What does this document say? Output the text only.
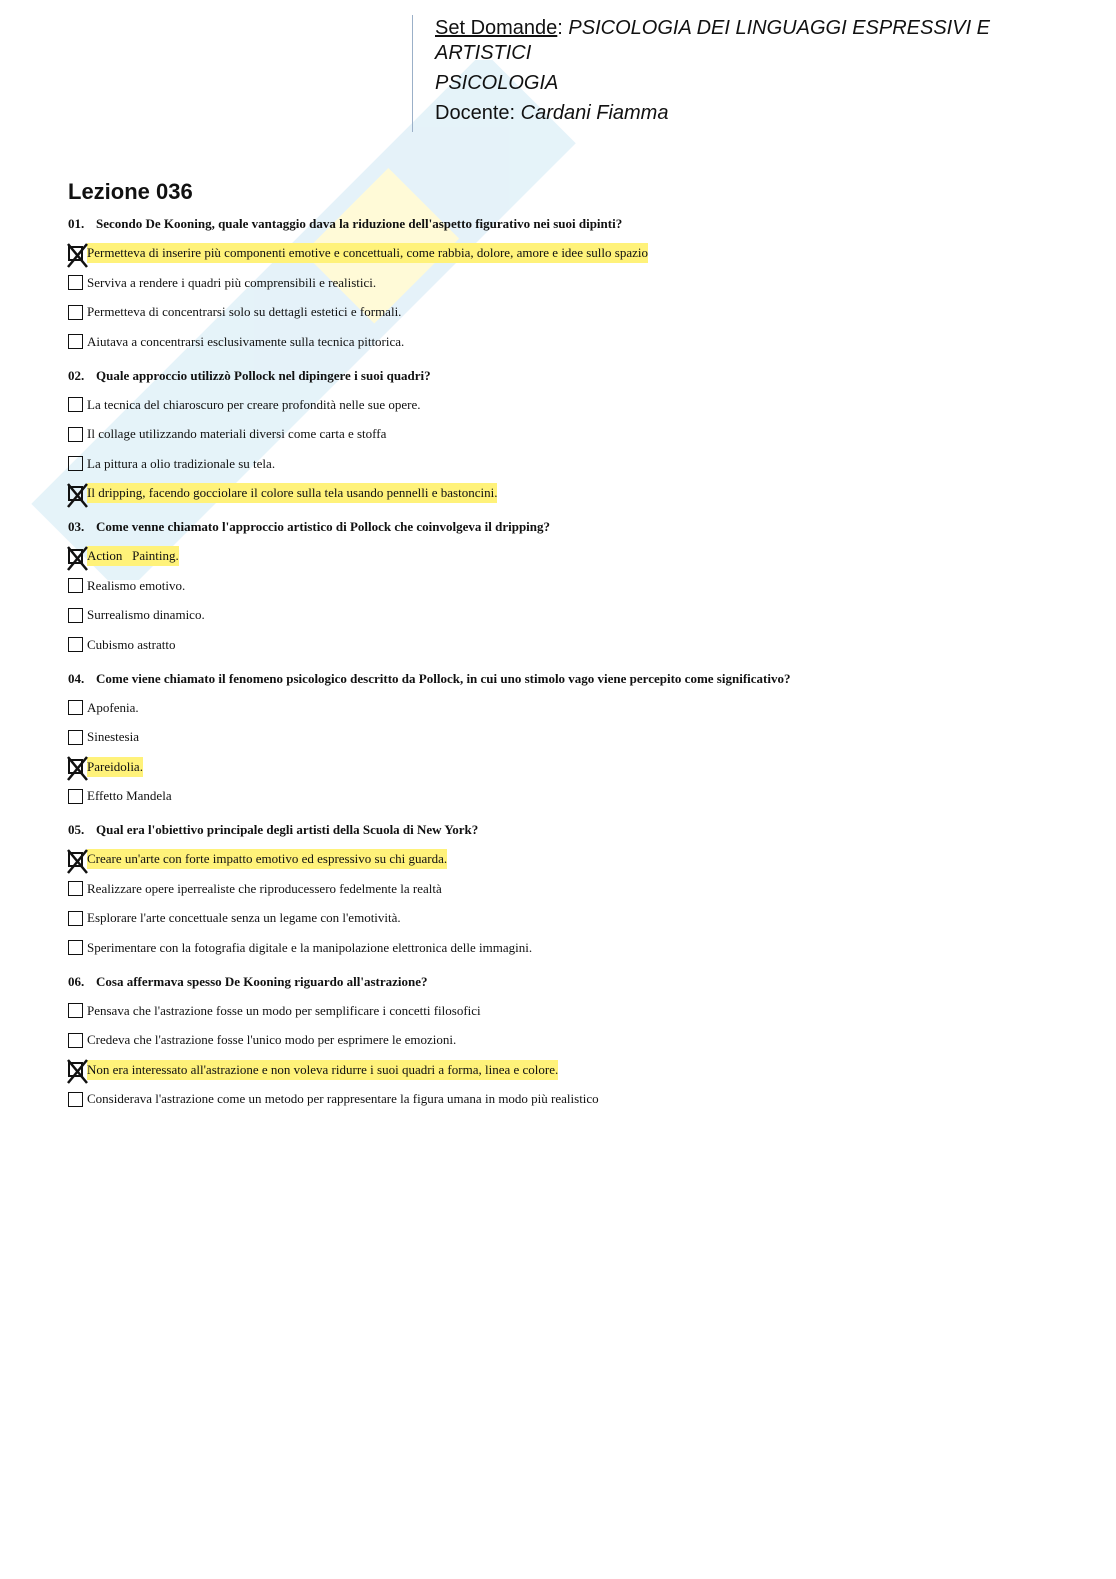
Set Domande: PSICOLOGIA DEI LINGUAGGI ESPRESSIVI E ARTISTICI
PSICOLOGIA
Docente: Cardani Fiamma
Lezione 036
01. Secondo De Kooning, quale vantaggio dava la riduzione dell'aspetto figurativo nei suoi dipinti?
Permetteva di inserire più componenti emotive e concettuali, come rabbia, dolore, amore e idee sullo spazio
Serviva a rendere i quadri più comprensibili e realistici.
Permetteva di concentrarsi solo su dettagli estetici e formali.
Aiutava a concentrarsi esclusivamente sulla tecnica pittorica.
02. Quale approccio utilizzò Pollock nel dipingere i suoi quadri?
La tecnica del chiaroscuro per creare profondità nelle sue opere.
Il collage utilizzando materiali diversi come carta e stoffa
La pittura a olio tradizionale su tela.
Il dripping, facendo gocciolare il colore sulla tela usando pennelli e bastoncini.
03. Come venne chiamato l'approccio artistico di Pollock che coinvolgeva il dripping?
Action   Painting.
Realismo emotivo.
Surrealismo dinamico.
Cubismo astratto
04. Come viene chiamato il fenomeno psicologico descritto da Pollock, in cui uno stimolo vago viene percepito come significativo?
Apofenia.
Sinestesia
Pareidolia.
Effetto Mandela
05. Qual era l'obiettivo principale degli artisti della Scuola di New York?
Creare un'arte con forte impatto emotivo ed espressivo su chi guarda.
Realizzare opere iperrealiste che riproducessero fedelmente la realtà
Esplorare l'arte concettuale senza un legame con l'emotività.
Sperimentare con la fotografia digitale e la manipolazione elettronica delle immagini.
06. Cosa affermava spesso De Kooning riguardo all'astrazione?
Pensava che l'astrazione fosse un modo per semplificare i concetti filosofici
Credeva che l'astrazione fosse l'unico modo per esprimere le emozioni.
Non era interessato all'astrazione e non voleva ridurre i suoi quadri a forma, linea e colore.
Considerava l'astrazione come un metodo per rappresentare la figura umana in modo più realistico
